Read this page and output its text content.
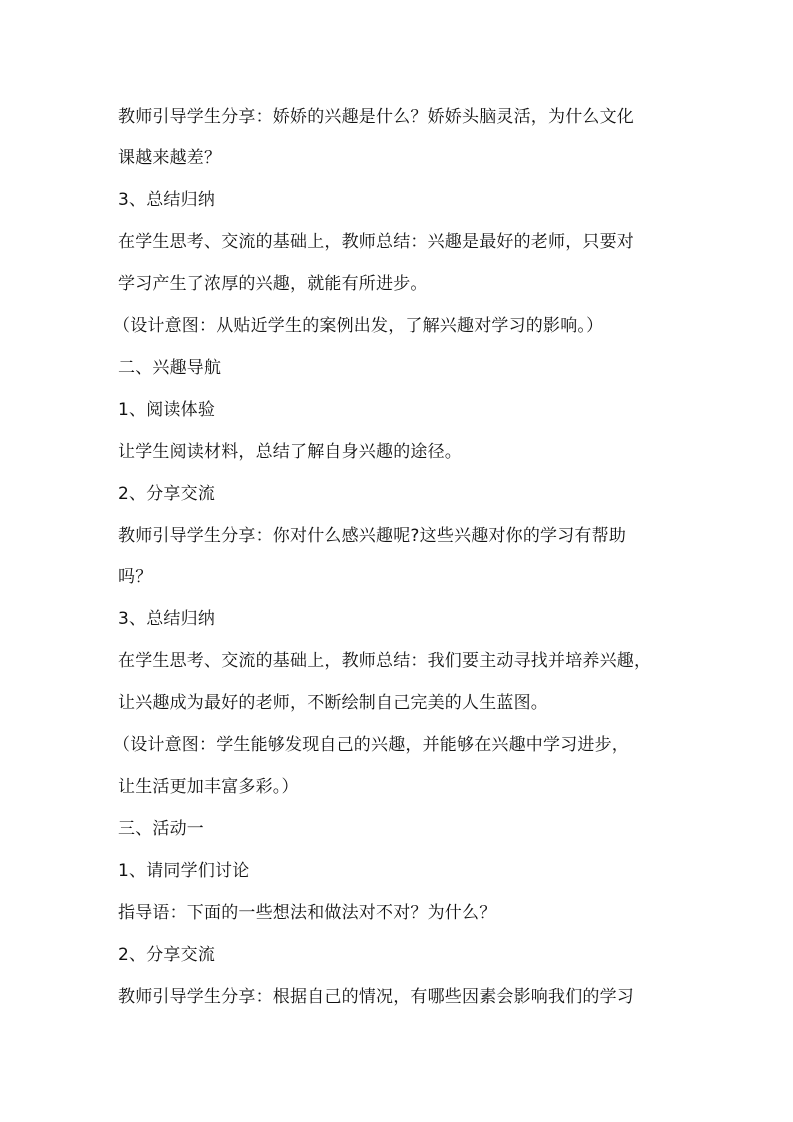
教师引导学生分享：娇娇的兴趣是什么？娇娇头脑灵活，为什么文化
课越来越差？
3、总结归纳
在学生思考、交流的基础上，教师总结：兴趣是最好的老师，只要对
学习产生了浓厚的兴趣，就能有所进步。
（设计意图：从贴近学生的案例出发，了解兴趣对学习的影响。）
二、兴趣导航
1、阅读体验
让学生阅读材料，总结了解自身兴趣的途径。
2、分享交流
教师引导学生分享：你对什么感兴趣呢?这些兴趣对你的学习有帮助
吗？
3、总结归纳
在学生思考、交流的基础上，教师总结：我们要主动寻找并培养兴趣，
让兴趣成为最好的老师，不断绘制自己完美的人生蓝图。
（设计意图：学生能够发现自己的兴趣，并能够在兴趣中学习进步，
让生活更加丰富多彩。）
三、活动一
1、请同学们讨论
指导语：下面的一些想法和做法对不对？为什么？
2、分享交流
教师引导学生分享：根据自己的情况，有哪些因素会影响我们的学习
